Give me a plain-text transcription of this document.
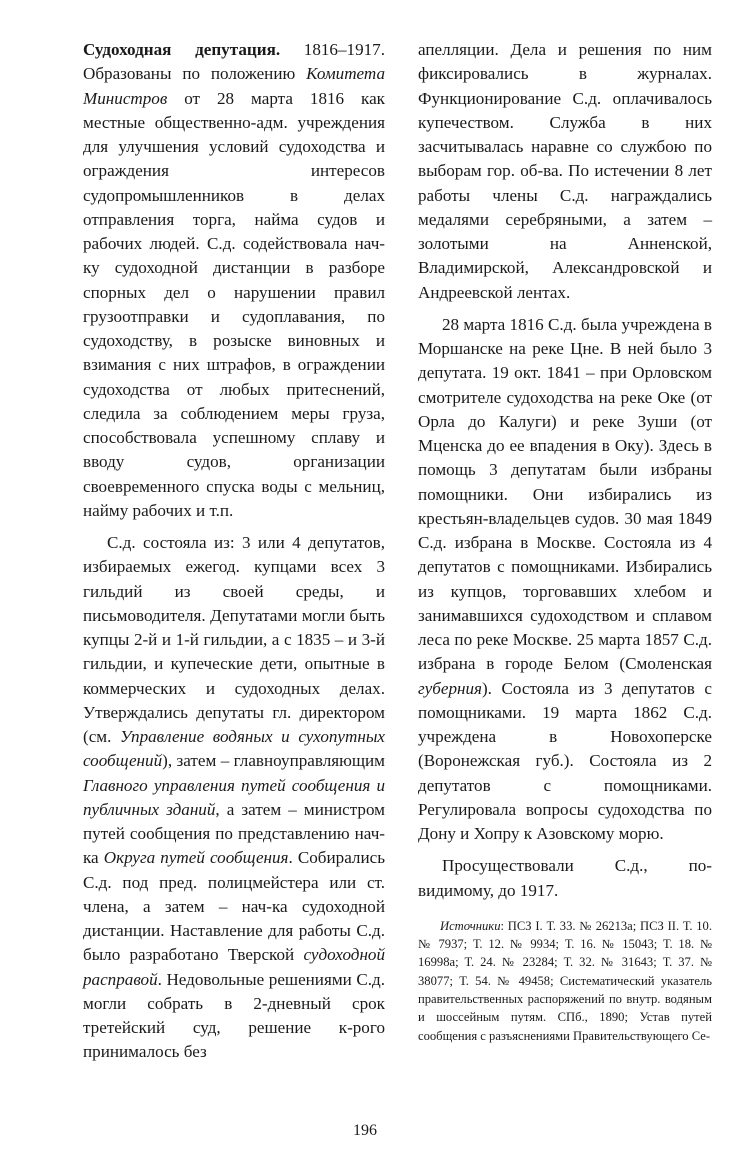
Судоходная депутация. 1816–1917. Образованы по положению Комитета Министров от 28 марта 1816 как местные общественно-адм. учреждения для улучшения условий судоходства и ограждения интересов судопромышленников в делах отправления торга, найма судов и рабочих людей. С.д. содействовала нач-ку судоходной дистанции в разборе спорных дел о нарушении правил грузоотправки и судоплавания, по судоходству, в розыске виновных и взимания с них штрафов, в ограждении судоходства от любых притеснений, следила за соблюдением меры груза, способствовала успешному сплаву и вводу судов, организации своевременного спуска воды с мельниц, найму рабочих и т.п.

С.д. состояла из: 3 или 4 депутатов, избираемых ежегод. купцами всех 3 гильдий из своей среды, и письмоводителя. Депутатами могли быть купцы 2-й и 1-й гильдии, а с 1835 – и 3-й гильдии, и купеческие дети, опытные в коммерческих и судоходных делах. Утверждались депутаты гл. директором (см. Управление водяных и сухопутных сообщений), затем – главноуправляющим Главного управления путей сообщения и публичных зданий, а затем – министром путей сообщения по представлению нач-ка Округа путей сообщения. Собирались С.д. под пред. полицмейстера или ст. члена, а затем – нач-ка судоходной дистанции. Наставление для работы С.д. было разработано Тверской судоходной расправой. Недовольные решениями С.д. могли собрать в 2-дневный срок третейский суд, решение к-рого принималось без

апелляции. Дела и решения по ним фиксировались в журналах. Функционирование С.д. оплачивалось купечеством. Служба в них засчитывалась наравне со службою по выборам гор. об-ва. По истечении 8 лет работы члены С.д. награждались медалями серебряными, а затем – золотыми на Анненской, Владимирской, Александровской и Андреевской лентах.

28 марта 1816 С.д. была учреждена в Моршанске на реке Цне. В ней было 3 депутата. 19 окт. 1841 – при Орловском смотрителе судоходства на реке Оке (от Орла до Калуги) и реке Зуши (от Мценска до ее впадения в Оку). Здесь в помощь 3 депутатам были избраны помощники. Они избирались из крестьян-владельцев судов. 30 мая 1849 С.д. избрана в Москве. Состояла из 4 депутатов с помощниками. Избирались из купцов, торговавших хлебом и занимавшихся судоходством и сплавом леса по реке Москве. 25 марта 1857 С.д. избрана в городе Белом (Смоленская губерния). Состояла из 3 депутатов с помощниками. 19 марта 1862 С.д. учреждена в Новохоперске (Воронежская губ.). Состояла из 2 депутатов с помощниками. Регулировала вопросы судоходства по Дону и Хопру к Азовскому морю.

Просуществовали С.д., по-видимому, до 1917.

Источники: ПСЗ I. Т. 33. № 26213а; ПСЗ II. Т. 10. № 7937; Т. 12. № 9934; Т. 16. № 15043; Т. 18. № 16998а; Т. 24. № 23284; Т. 32. № 31643; Т. 37. № 38077; Т. 54. № 49458; Систематический указатель правительственных распоряжений по внутр. водяным и шоссейным путям. СПб., 1890; Устав путей сообщения с разъяснениями Правительствующего Се-
196
